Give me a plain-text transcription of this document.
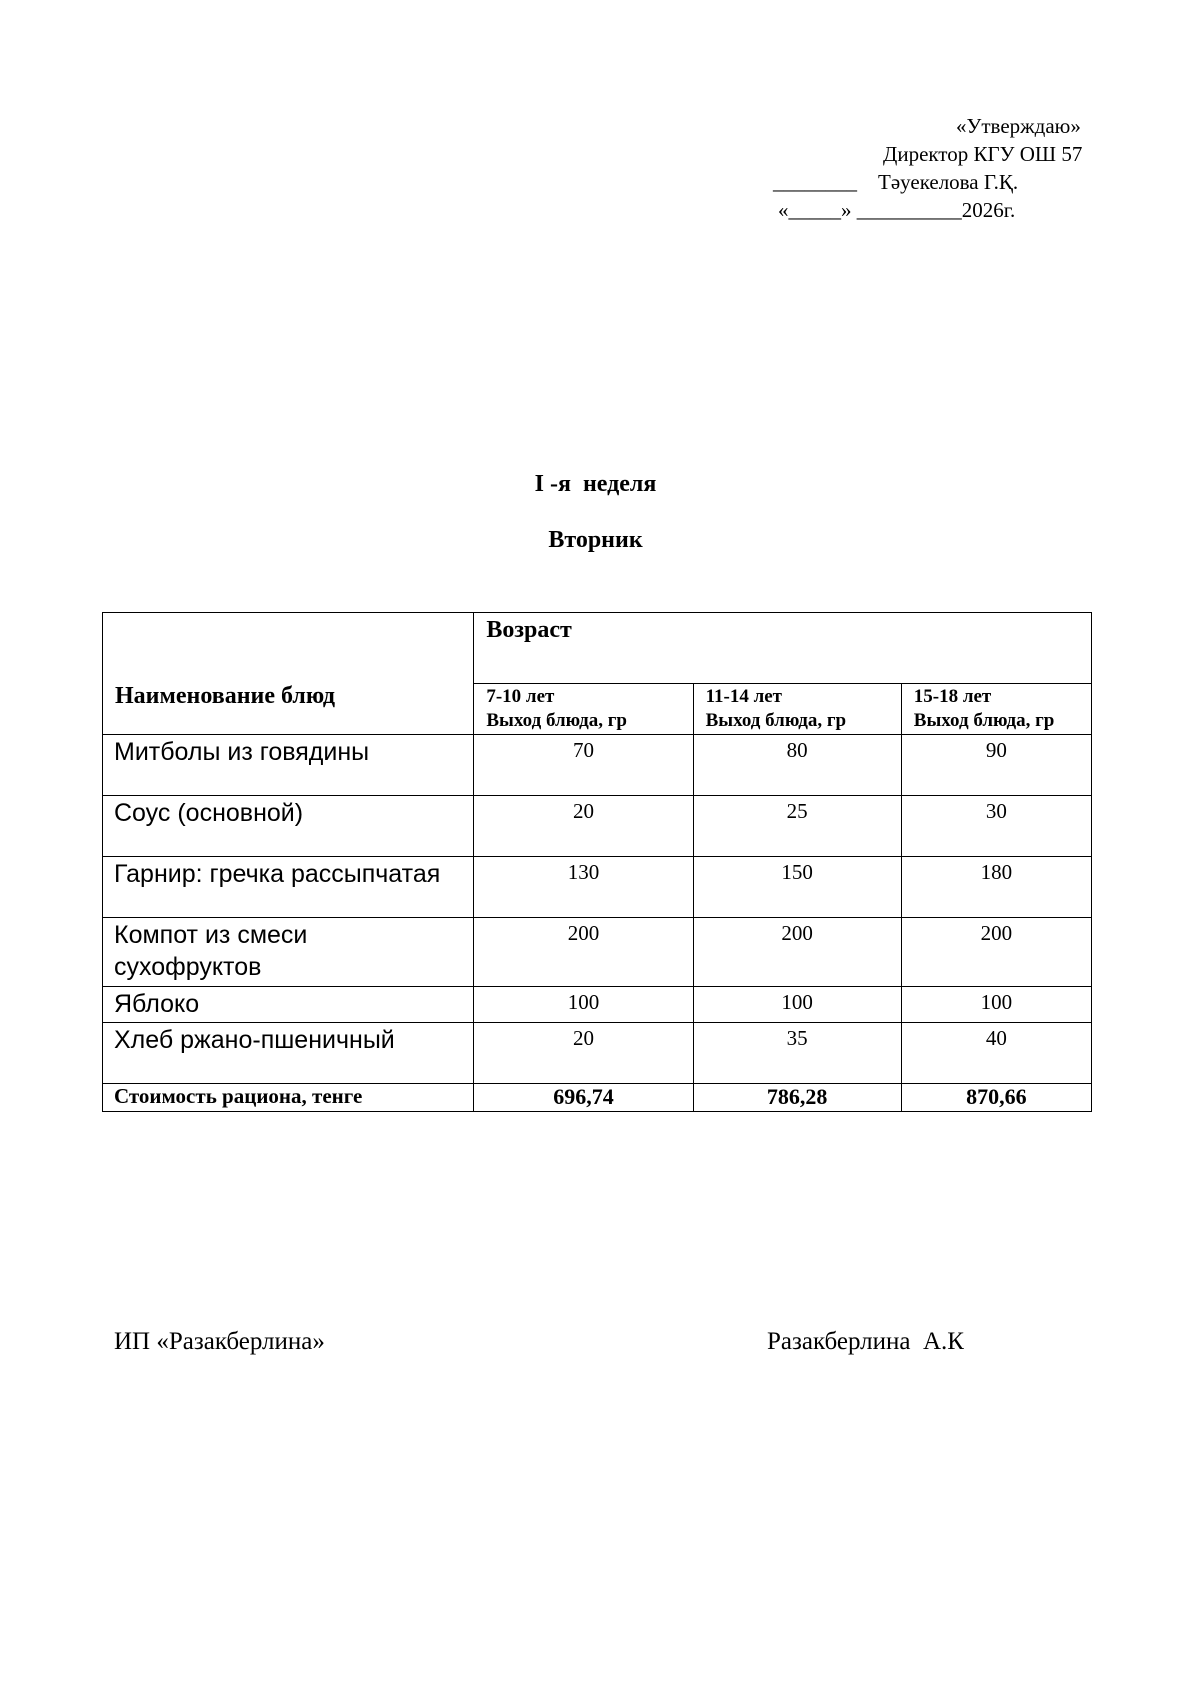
«Утверждаю»
Директор КГУ ОШ 57
________    Тәуекелова Г.Қ.
«_____» __________2026г.
I -я  неделя
Вторник
Наименование блюд	Возраст		
	7-10 лет	11-14 лет	15-18 лет
	Выход блюда, гр	Выход блюда, гр	Выход блюда, гр
Митболы из говядины	70	80	90
Соус (основной)	20	25	30
Гарнир: гречка рассыпчатая	130	150	180
Компот из смеси
сухофруктов	200	200	200
Яблоко	100	100	100
Хлеб ржано-пшеничный	20	35	40
Стоимость рациона, тенге	696,74	786,28	870,66
ИП «Разакберлина»	Разакберлина  А.К
